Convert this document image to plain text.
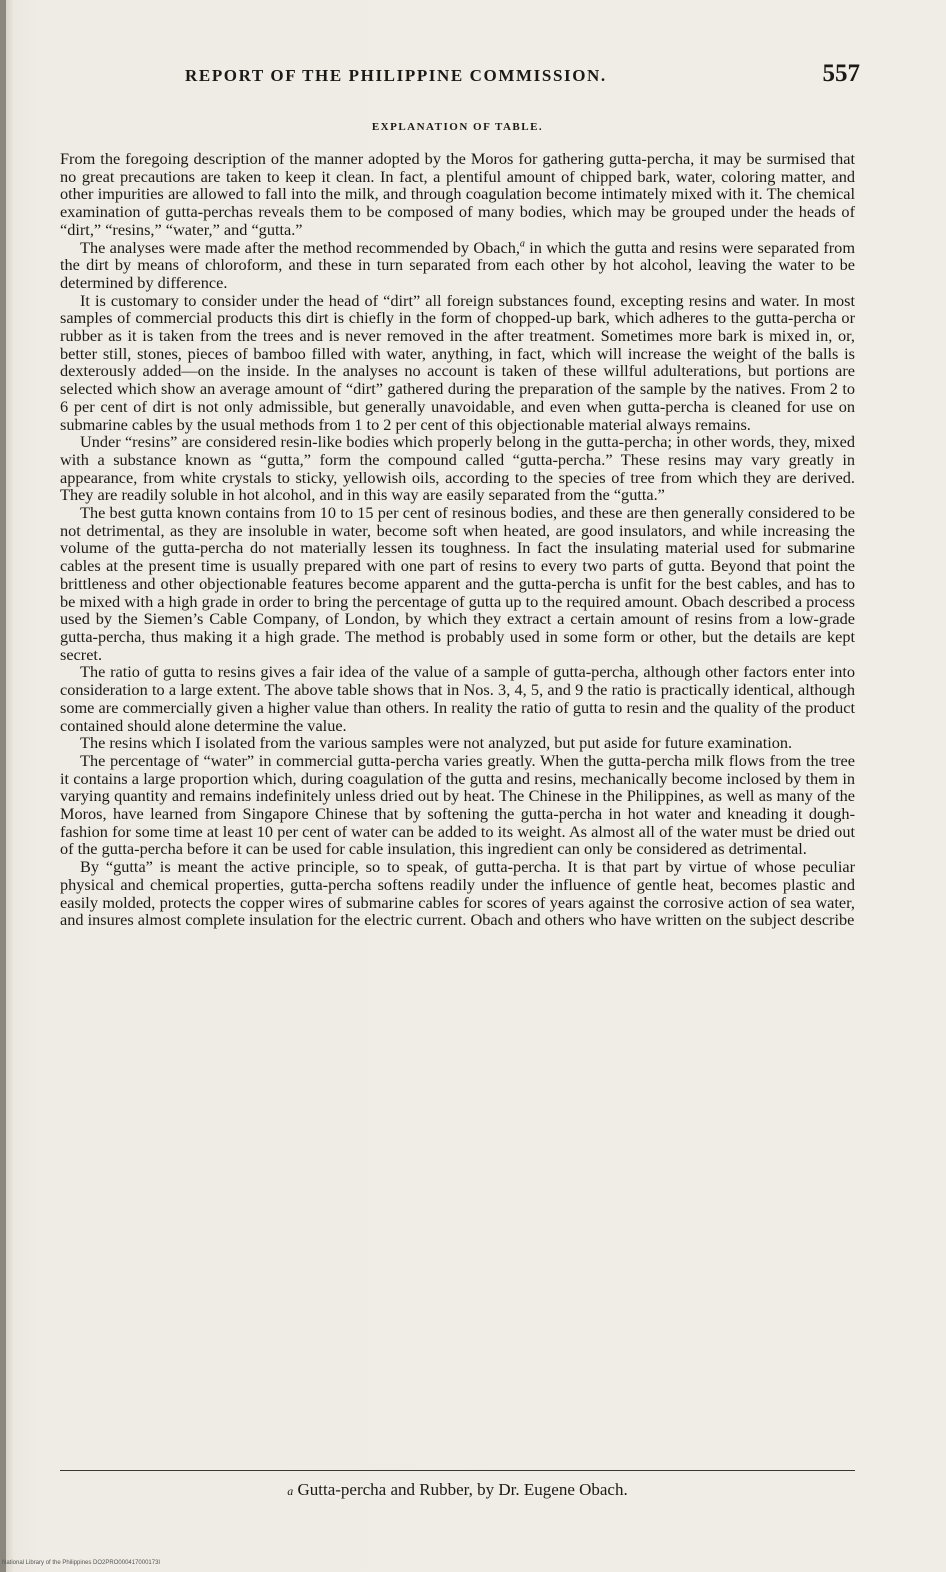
REPORT OF THE PHILIPPINE COMMISSION.	557
EXPLANATION OF TABLE.

From the foregoing description of the manner adopted by the Moros for gathering gutta-percha, it may be surmised that no great precautions are taken to keep it clean. In fact, a plentiful amount of chipped bark, water, coloring matter, and other impurities are allowed to fall into the milk, and through coagulation become intimately mixed with it. The chemical examination of gutta-perchas reveals them to be composed of many bodies, which may be grouped under the heads of “dirt,” “resins,” “water,” and “gutta.”

The analyses were made after the method recommended by Obach,$^a$ in which the gutta and resins were separated from the dirt by means of chloroform, and these in turn separated from each other by hot alcohol, leaving the water to be determined by difference.

It is customary to consider under the head of “dirt” all foreign substances found, excepting resins and water. In most samples of commercial products this dirt is chiefly in the form of chopped-up bark, which adheres to the gutta-percha or rubber as it is taken from the trees and is never removed in the after treatment. Sometimes more bark is mixed in, or, better still, stones, pieces of bamboo filled with water, anything, in fact, which will increase the weight of the balls is dexterously added—on the inside. In the analyses no account is taken of these willful adulterations, but portions are selected which show an average amount of “dirt” gathered during the preparation of the sample by the natives. From 2 to 6 per cent of dirt is not only admissible, but generally unavoidable, and even when gutta-percha is cleaned for use on submarine cables by the usual methods from 1 to 2 per cent of this objectionable material always remains.

Under “resins” are considered resin-like bodies which properly belong in the gutta-percha; in other words, they, mixed with a substance known as “gutta,” form the compound called “gutta-percha.” These resins may vary greatly in appearance, from white crystals to sticky, yellowish oils, according to the species of tree from which they are derived. They are readily soluble in hot alcohol, and in this way are easily separated from the “gutta.”

The best gutta known contains from 10 to 15 per cent of resinous bodies, and these are then generally considered to be not detrimental, as they are insoluble in water, become soft when heated, are good insulators, and while increasing the volume of the gutta-percha do not materially lessen its toughness. In fact the insulating material used for submarine cables at the present time is usually prepared with one part of resins to every two parts of gutta. Beyond that point the brittleness and other objectionable features become apparent and the gutta-percha is unfit for the best cables, and has to be mixed with a high grade in order to bring the percentage of gutta up to the required amount. Obach described a process used by the Siemen’s Cable Company, of London, by which they extract a certain amount of resins from a low-grade gutta-percha, thus making it a high grade. The method is probably used in some form or other, but the details are kept secret.

The ratio of gutta to resins gives a fair idea of the value of a sample of gutta-percha, although other factors enter into consideration to a large extent. The above table shows that in Nos. 3, 4, 5, and 9 the ratio is practically identical, although some are commercially given a higher value than others. In reality the ratio of gutta to resin and the quality of the product contained should alone determine the value.

The resins which I isolated from the various samples were not analyzed, but put aside for future examination.

The percentage of “water” in commercial gutta-percha varies greatly. When the gutta-percha milk flows from the tree it contains a large proportion which, during coagulation of the gutta and resins, mechanically become inclosed by them in varying quantity and remains indefinitely unless dried out by heat. The Chinese in the Philippines, as well as many of the Moros, have learned from Singapore Chinese that by softening the gutta-percha in hot water and kneading it dough-fashion for some time at least 10 per cent of water can be added to its weight. As almost all of the water must be dried out of the gutta-percha before it can be used for cable insulation, this ingredient can only be considered as detrimental.

By “gutta” is meant the active principle, so to speak, of gutta-percha. It is that part by virtue of whose peculiar physical and chemical properties, gutta-percha softens readily under the influence of gentle heat, becomes plastic and easily molded, protects the copper wires of submarine cables for scores of years against the corrosive action of sea water, and insures almost complete insulation for the electric current. Obach and others who have written on the subject describe

a Gutta-percha and Rubber, by Dr. Eugene Obach.
National Library of the Philippines DO2PRO000417000173I
